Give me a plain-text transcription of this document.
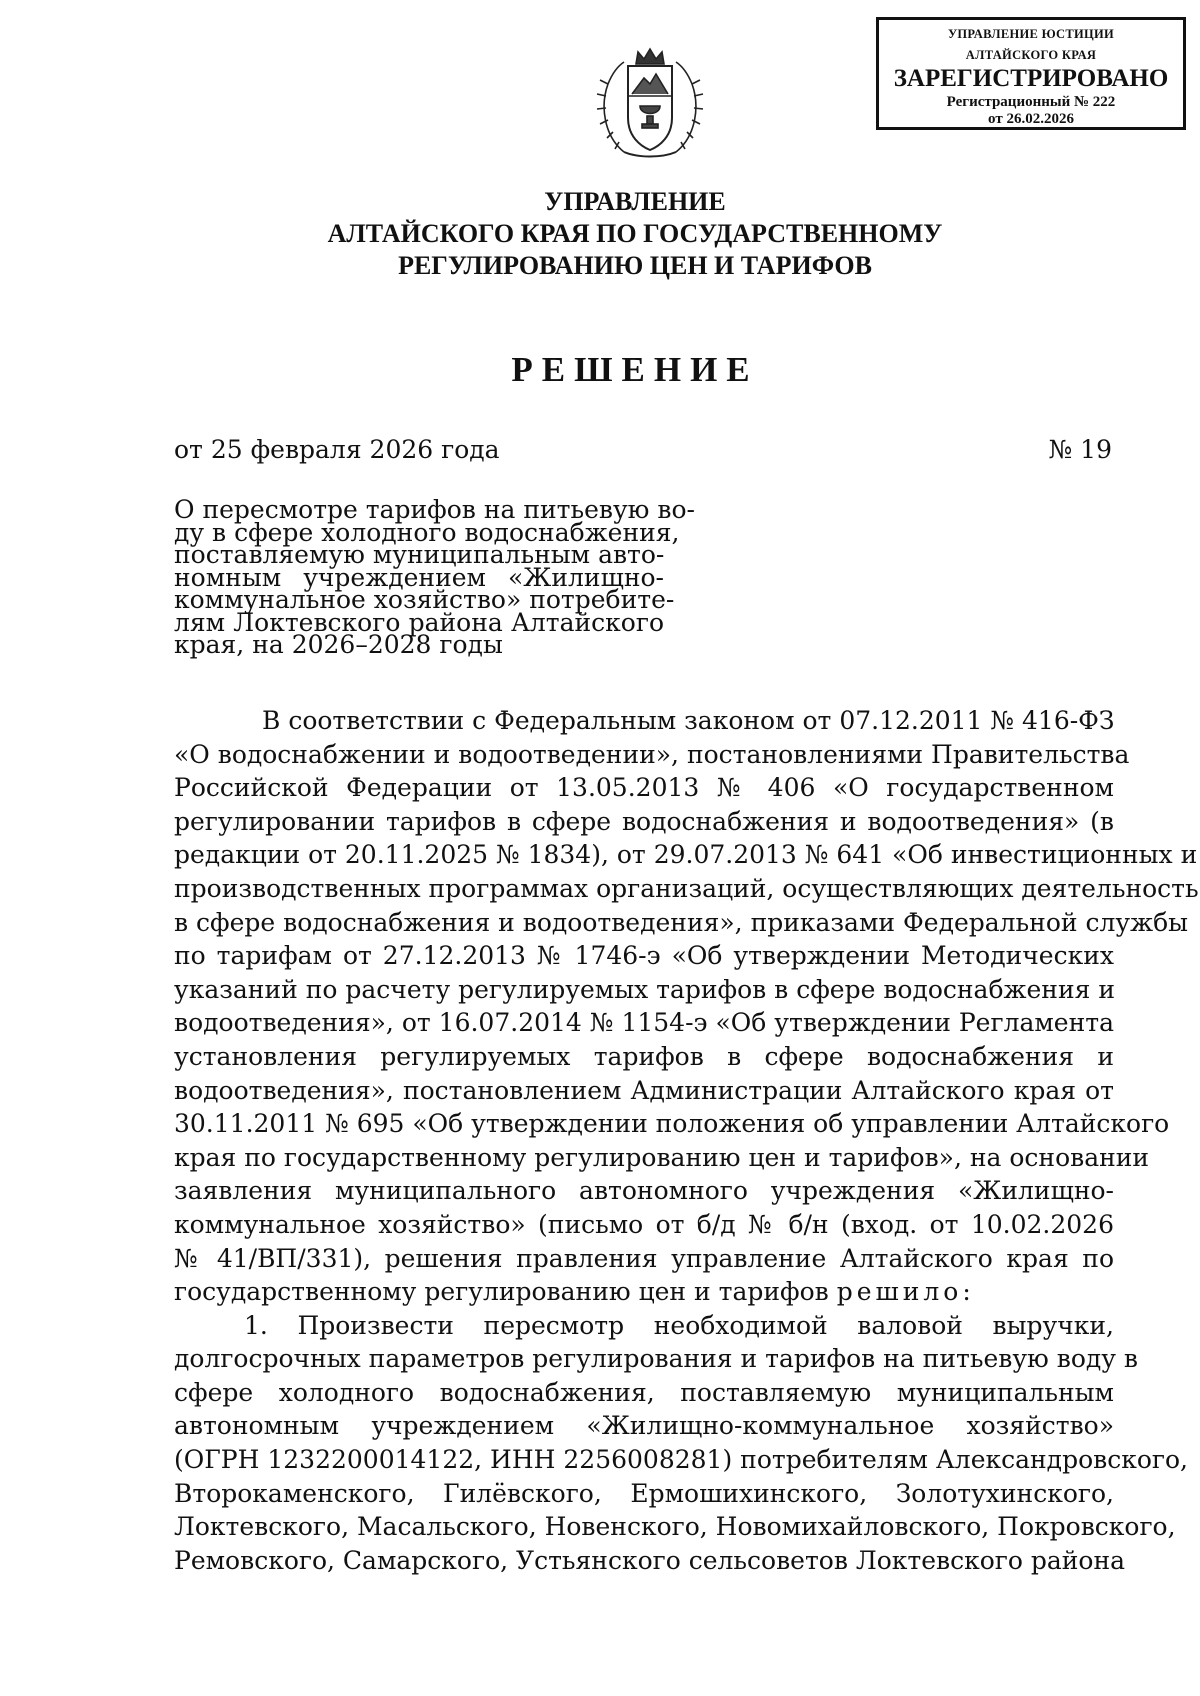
УПРАВЛЕНИЕ ЮСТИЦИИ
АЛТАЙСКОГО КРАЯ
ЗАРЕГИСТРИРОВАНО
Регистрационный № 222
от 26.02.2026
УПРАВЛЕНИЕ
АЛТАЙСКОГО КРАЯ ПО ГОСУДАРСТВЕННОМУ
РЕГУЛИРОВАНИЮ ЦЕН И ТАРИФОВ
РЕШЕНИЕ
от 25 февраля 2026 года	№ 19
О пересмотре тарифов на питьевую во-
ду в сфере холодного водоснабжения,
поставляемую муниципальным авто-
номным учреждением «Жилищно-
коммунальное хозяйство» потребите-
лям Локтевского района Алтайского
края, на 2026–2028 годы
В соответствии с Федеральным законом от 07.12.2011 № 416-ФЗ
«О водоснабжении и водоотведении», постановлениями Правительства
Российской Федерации от 13.05.2013 № 406 «О государственном
регулировании тарифов в сфере водоснабжения и водоотведения» (в
редакции от 20.11.2025 № 1834), от 29.07.2013 № 641 «Об инвестиционных и
производственных программах организаций, осуществляющих деятельность
в сфере водоснабжения и водоотведения», приказами Федеральной службы
по тарифам от 27.12.2013 № 1746-э «Об утверждении Методических
указаний по расчету регулируемых тарифов в сфере водоснабжения и
водоотведения», от 16.07.2014 № 1154-э «Об утверждении Регламента
установления регулируемых тарифов в сфере водоснабжения и
водоотведения», постановлением Администрации Алтайского края от
30.11.2011 № 695 «Об утверждении положения об управлении Алтайского
края по государственному регулированию цен и тарифов», на основании
заявления муниципального автономного учреждения «Жилищно-
коммунальное хозяйство» (письмо от б/д № б/н (вход. от 10.02.2026
№ 41/ВП/331), решения правления управление Алтайского края по
государственному регулированию цен и тарифов решило:
1. Произвести пересмотр необходимой валовой выручки,
долгосрочных параметров регулирования и тарифов на питьевую воду в
сфере холодного водоснабжения, поставляемую муниципальным
автономным учреждением «Жилищно-коммунальное хозяйство»
(ОГРН 1232200014122, ИНН 2256008281) потребителям Александровского,
Второкаменского, Гилёвского, Ермошихинского, Золотухинского,
Локтевского, Масальского, Новенского, Новомихайловского, Покровского,
Ремовского, Самарского, Устьянского сельсоветов Локтевского района
